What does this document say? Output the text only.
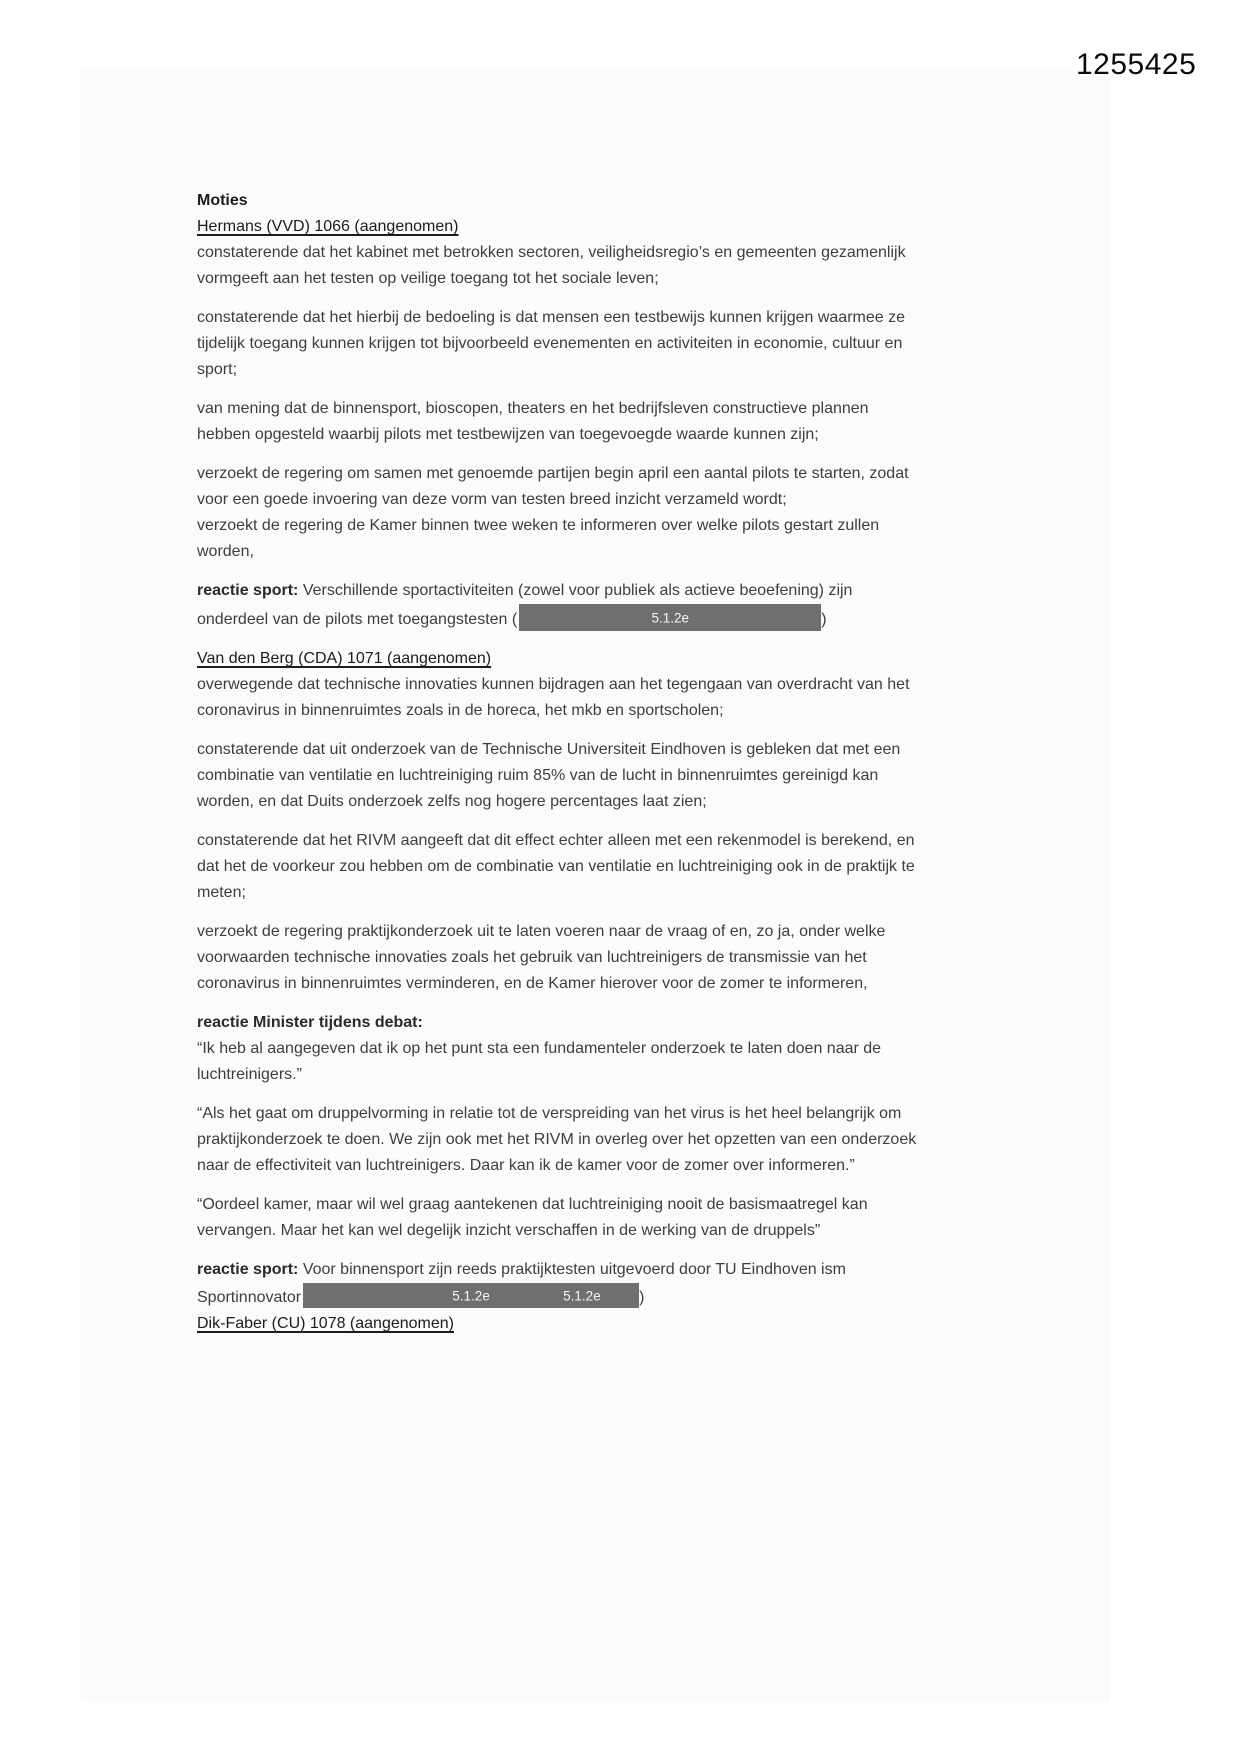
1255425
Moties
Hermans (VVD) 1066 (aangenomen)
constaterende dat het kabinet met betrokken sectoren, veiligheidsregio’s en gemeenten gezamenlijk vormgeeft aan het testen op veilige toegang tot het sociale leven;
constaterende dat het hierbij de bedoeling is dat mensen een testbewijs kunnen krijgen waarmee ze tijdelijk toegang kunnen krijgen tot bijvoorbeeld evenementen en activiteiten in economie, cultuur en sport;
van mening dat de binnensport, bioscopen, theaters en het bedrijfsleven constructieve plannen hebben opgesteld waarbij pilots met testbewijzen van toegevoegde waarde kunnen zijn;
verzoekt de regering om samen met genoemde partijen begin april een aantal pilots te starten, zodat voor een goede invoering van deze vorm van testen breed inzicht verzameld wordt;
verzoekt de regering de Kamer binnen twee weken te informeren over welke pilots gestart zullen worden,
reactie sport: Verschillende sportactiviteiten (zowel voor publiek als actieve beoefening) zijn onderdeel van de pilots met toegangstesten (	5.1.2e	)
Van den Berg (CDA) 1071 (aangenomen)
overwegende dat technische innovaties kunnen bijdragen aan het tegengaan van overdracht van het coronavirus in binnenruimtes zoals in de horeca, het mkb en sportscholen;
constaterende dat uit onderzoek van de Technische Universiteit Eindhoven is gebleken dat met een combinatie van ventilatie en luchtreiniging ruim 85% van de lucht in binnenruimtes gereinigd kan worden, en dat Duits onderzoek zelfs nog hogere percentages laat zien;
constaterende dat het RIVM aangeeft dat dit effect echter alleen met een rekenmodel is berekend, en dat het de voorkeur zou hebben om de combinatie van ventilatie en luchtreiniging ook in de praktijk te meten;
verzoekt de regering praktijkonderzoek uit te laten voeren naar de vraag of en, zo ja, onder welke voorwaarden technische innovaties zoals het gebruik van luchtreinigers de transmissie van het coronavirus in binnenruimtes verminderen, en de Kamer hierover voor de zomer te informeren,
reactie Minister tijdens debat:
“Ik heb al aangegeven dat ik op het punt sta een fundamenteler onderzoek te laten doen naar de luchtreinigers.”
“Als het gaat om druppelvorming in relatie tot de verspreiding van het virus is het heel belangrijk om praktijkonderzoek te doen. We zijn ook met het RIVM in overleg over het opzetten van een onderzoek naar de effectiviteit van luchtreinigers. Daar kan ik de kamer voor de zomer over informeren.”
“Oordeel kamer, maar wil wel graag aantekenen dat luchtreiniging nooit de basismaatregel kan vervangen. Maar het kan wel degelijk inzicht verschaffen in de werking van de druppels”
reactie sport: Voor binnensport zijn reeds praktijktesten uitgevoerd door TU Eindhoven ism Sportinnovator	5.1.2e	5.1.2e )
Dik-Faber (CU) 1078 (aangenomen)
